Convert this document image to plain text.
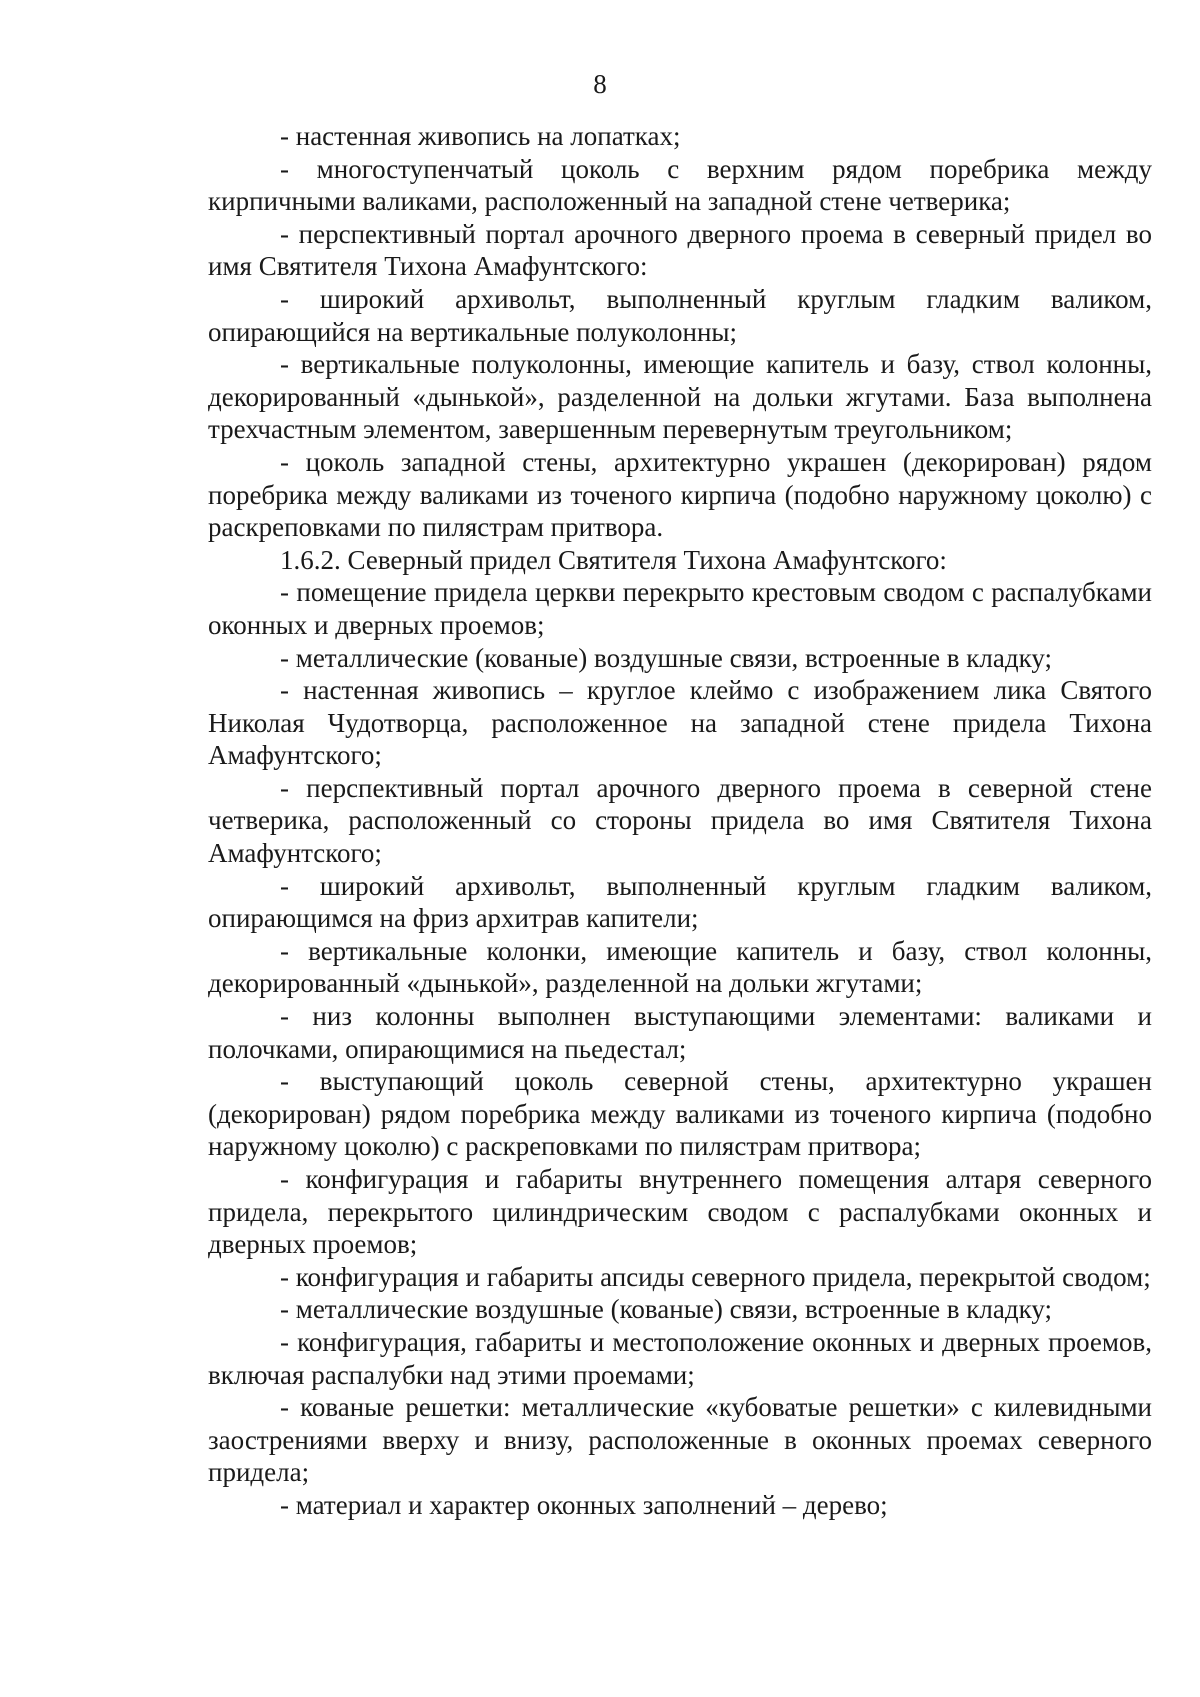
8

- настенная живопись на лопатках;

- многоступенчатый цоколь с верхним рядом поребрика между кирпичными валиками, расположенный на западной стене четверика;

- перспективный портал арочного дверного проема в северный придел во имя Святителя Тихона Амафунтского:

- широкий архивольт, выполненный круглым гладким валиком, опирающийся на вертикальные полуколонны;

- вертикальные полуколонны, имеющие капитель и базу, ствол колонны, декорированный «дынькой», разделенной на дольки жгутами. База выполнена трехчастным элементом, завершенным перевернутым треугольником;

- цоколь западной стены, архитектурно украшен (декорирован) рядом поребрика между валиками из точеного кирпича (подобно наружному цоколю) с раскреповками по пилястрам притвора.

1.6.2. Северный придел Святителя Тихона Амафунтского:

- помещение придела церкви перекрыто крестовым сводом с распалубками оконных и дверных проемов;

- металлические (кованые) воздушные связи, встроенные в кладку;

- настенная живопись – круглое клеймо с изображением лика Святого Николая Чудотворца, расположенное на западной стене придела Тихона Амафунтского;

- перспективный портал арочного дверного проема в северной стене четверика, расположенный со стороны придела во имя Святителя Тихона Амафунтского;

- широкий архивольт, выполненный круглым гладким валиком, опирающимся на фриз архитрав капители;

- вертикальные колонки, имеющие капитель и базу, ствол колонны, декорированный «дынькой», разделенной на дольки жгутами;

- низ колонны выполнен выступающими элементами: валиками и полочками, опирающимися на пьедестал;

- выступающий цоколь северной стены, архитектурно украшен (декорирован) рядом поребрика между валиками из точеного кирпича (подобно наружному цоколю) с раскреповками по пилястрам притвора;

- конфигурация и габариты внутреннего помещения алтаря северного придела, перекрытого цилиндрическим сводом с распалубками оконных и дверных проемов;

- конфигурация и габариты апсиды северного придела, перекрытой сводом;

- металлические воздушные (кованые) связи, встроенные в кладку;

- конфигурация, габариты и местоположение оконных и дверных проемов, включая распалубки над этими проемами;

- кованые решетки: металлические «кубоватые решетки» с килевидными заострениями вверху и внизу, расположенные в оконных проемах северного придела;

- материал и характер оконных заполнений – дерево;
